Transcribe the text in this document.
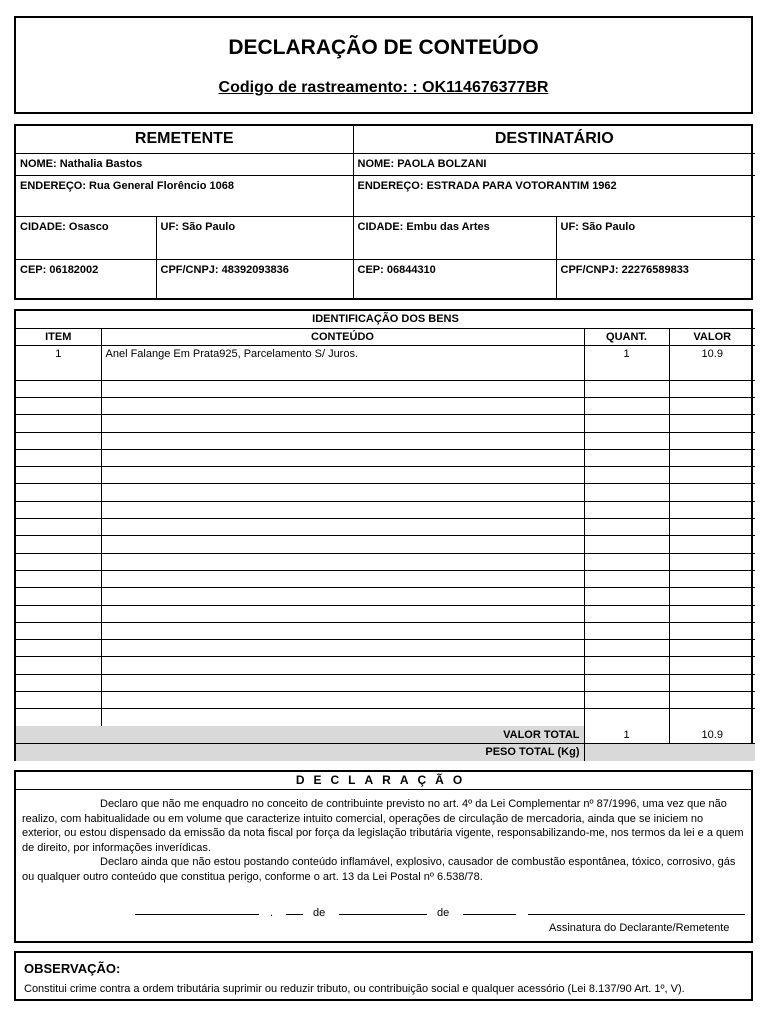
DECLARAÇÃO DE CONTEÚDO
Codigo de rastreamento: : OK114676377BR
REMETENTE		DESTINATÁRIO	
NOME: Nathalia Bastos		NOME: PAOLA BOLZANI	
ENDEREÇO: Rua General Florêncio 1068		ENDEREÇO: ESTRADA PARA VOTORANTIM 1962	
CIDADE: Osasco	UF: São Paulo	CIDADE: Embu das Artes	UF: São Paulo
CEP: 06182002	CPF/CNPJ: 48392093836	CEP: 06844310	CPF/CNPJ: 22276589833
IDENTIFICAÇÃO DOS BENS			
ITEM	CONTEÚDO	QUANT.	VALOR
1	Anel Falange Em Prata925, Parcelamento S/ Juros.	1	10.9

VALOR TOTAL		1	10.9
PESO TOTAL (Kg)			
DECLARAÇÃO

Declaro que não me enquadro no conceito de contribuinte previsto no art. 4º da Lei Complementar nº 87/1996, uma vez que não realizo, com habitualidade ou em volume que caracterize intuito comercial, operações de circulação de mercadoria, ainda que se iniciem no exterior, ou estou dispensado da emissão da nota fiscal por força da legislação tributária vigente, responsabilizando-me, nos termos da lei e a quem de direito, por informações inverídicas.

Declaro ainda que não estou postando conteúdo inflamável, explosivo, causador de combustão espontânea, tóxico, corrosivo, gás ou qualquer outro conteúdo que constitua perigo, conforme o art. 13 da Lei Postal nº 6.538/78.

.	de	de
Assinatura do Declarante/Remetente
OBSERVAÇÃO:
Constitui crime contra a ordem tributária suprimir ou reduzir tributo, ou contribuição social e qualquer acessório (Lei 8.137/90 Art. 1º, V).
